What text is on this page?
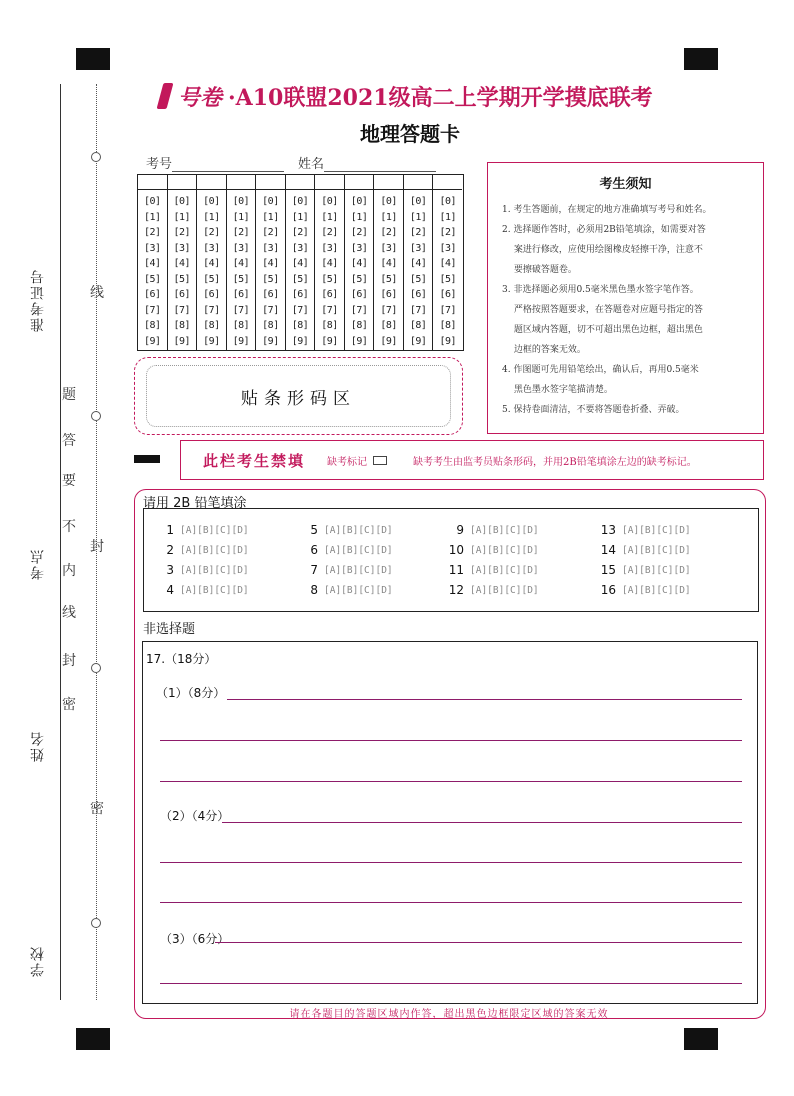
准考证号
考点
姓名
学校
线
题
答
要
不
内
封
线
封
密
密
号卷 ·A10联盟2021级高二上学期开学摸底联考
地理答题卡
考号	姓名
[0]
[1]
[2]
[3]
[4]
[5]
[6]
[7]
[8]
[9]
[0]
[1]
[2]
[3]
[4]
[5]
[6]
[7]
[8]
[9]
[0]
[1]
[2]
[3]
[4]
[5]
[6]
[7]
[8]
[9]
[0]
[1]
[2]
[3]
[4]
[5]
[6]
[7]
[8]
[9]
[0]
[1]
[2]
[3]
[4]
[5]
[6]
[7]
[8]
[9]
[0]
[1]
[2]
[3]
[4]
[5]
[6]
[7]
[8]
[9]
[0]
[1]
[2]
[3]
[4]
[5]
[6]
[7]
[8]
[9]
[0]
[1]
[2]
[3]
[4]
[5]
[6]
[7]
[8]
[9]
[0]
[1]
[2]
[3]
[4]
[5]
[6]
[7]
[8]
[9]
[0]
[1]
[2]
[3]
[4]
[5]
[6]
[7]
[8]
[9]
[0]
[1]
[2]
[3]
[4]
[5]
[6]
[7]
[8]
[9]
贴条形码区
考生须知
1. 考生答题前，在规定的地方准确填写考号和姓名。
2. 选择题作答时，必须用2B铅笔填涂，如需要对答
　 案进行修改，应使用绘图橡皮轻擦干净，注意不
　 要擦破答题卷。
3. 非选择题必须用0.5毫米黑色墨水签字笔作答。
　 严格按照答题要求，在答题卷对应题号指定的答
　 题区域内答题，切不可超出黑色边框，超出黑色
　 边框的答案无效。
4. 作图题可先用铅笔绘出，确认后，再用0.5毫米
　 黑色墨水签字笔描清楚。
5. 保持卷面清洁，不要将答题卷折叠、弄破。
此栏考生禁填 缺考标记	缺考考生由监考员贴条形码，并用2B铅笔填涂左边的缺考标记。
请用 2B 铅笔填涂
1 [A][B][C][D]
2 [A][B][C][D]
3 [A][B][C][D]
4 [A][B][C][D]
5 [A][B][C][D]
6 [A][B][C][D]
7 [A][B][C][D]
8 [A][B][C][D]
9 [A][B][C][D]
10 [A][B][C][D]
11 [A][B][C][D]
12 [A][B][C][D]
13 [A][B][C][D]
14 [A][B][C][D]
15 [A][B][C][D]
16 [A][B][C][D]
非选择题
17.（18分）
（1）（8分）
（2）（4分）
（3）（6分）
请在各题目的答题区域内作答，超出黑色边框限定区域的答案无效
